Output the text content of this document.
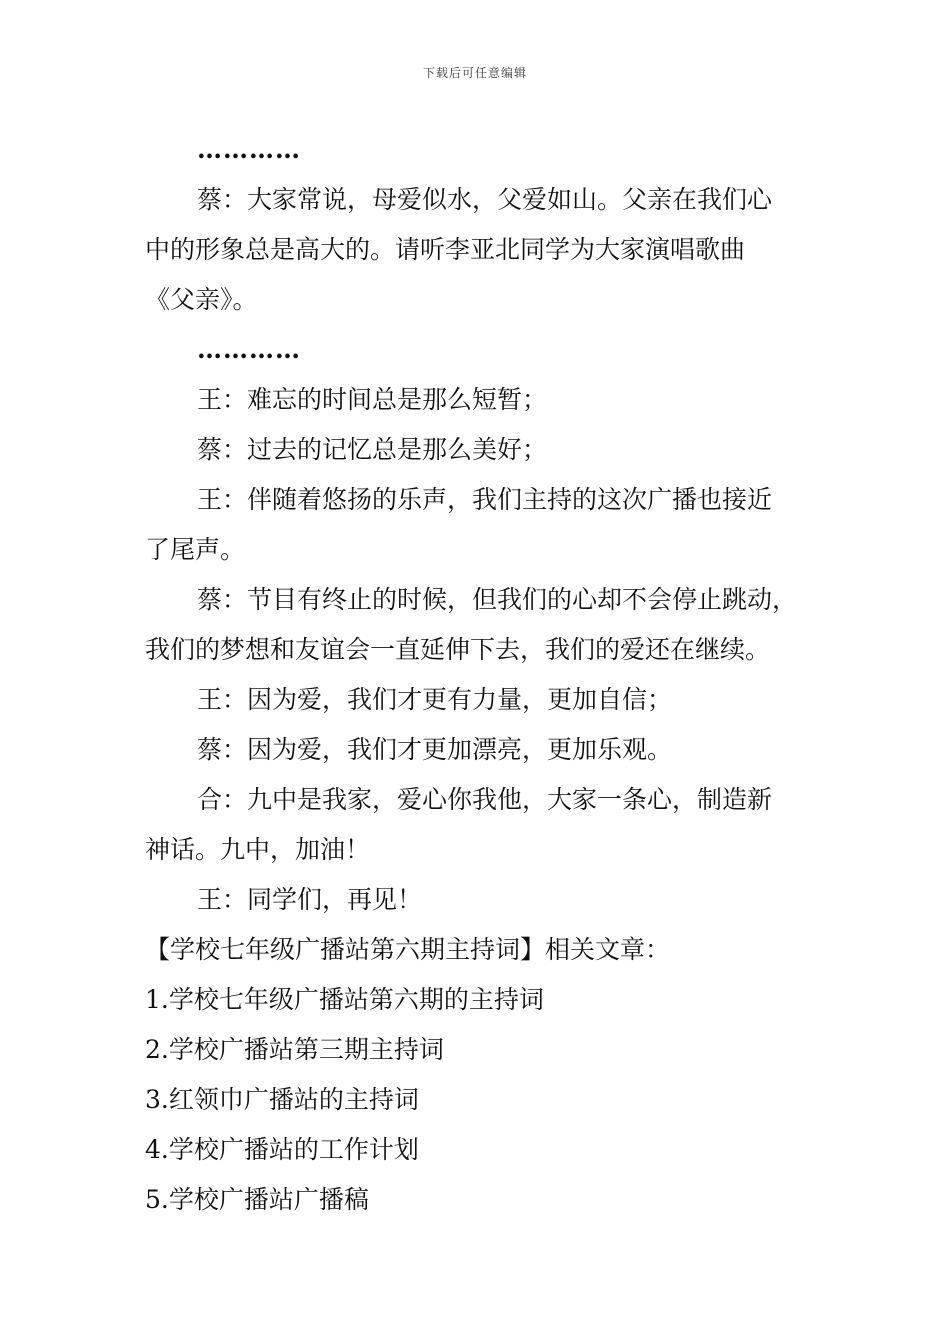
下载后可任意编辑
…………
蔡：大家常说，母爱似水，父爱如山。父亲在我们心
中的形象总是高大的。请听李亚北同学为大家演唱歌曲
《父亲》。
…………
王：难忘的时间总是那么短暂；
蔡：过去的记忆总是那么美好；
王：伴随着悠扬的乐声，我们主持的这次广播也接近
了尾声。
蔡：节目有终止的时候，但我们的心却不会停止跳动，
我们的梦想和友谊会一直延伸下去，我们的爱还在继续。
王：因为爱，我们才更有力量，更加自信；
蔡：因为爱，我们才更加漂亮，更加乐观。
合：九中是我家，爱心你我他，大家一条心，制造新
神话。九中，加油！
王：同学们，再见！
【学校七年级广播站第六期主持词】相关文章：
1.学校七年级广播站第六期的主持词
2.学校广播站第三期主持词
3.红领巾广播站的主持词
4.学校广播站的工作计划
5.学校广播站广播稿
